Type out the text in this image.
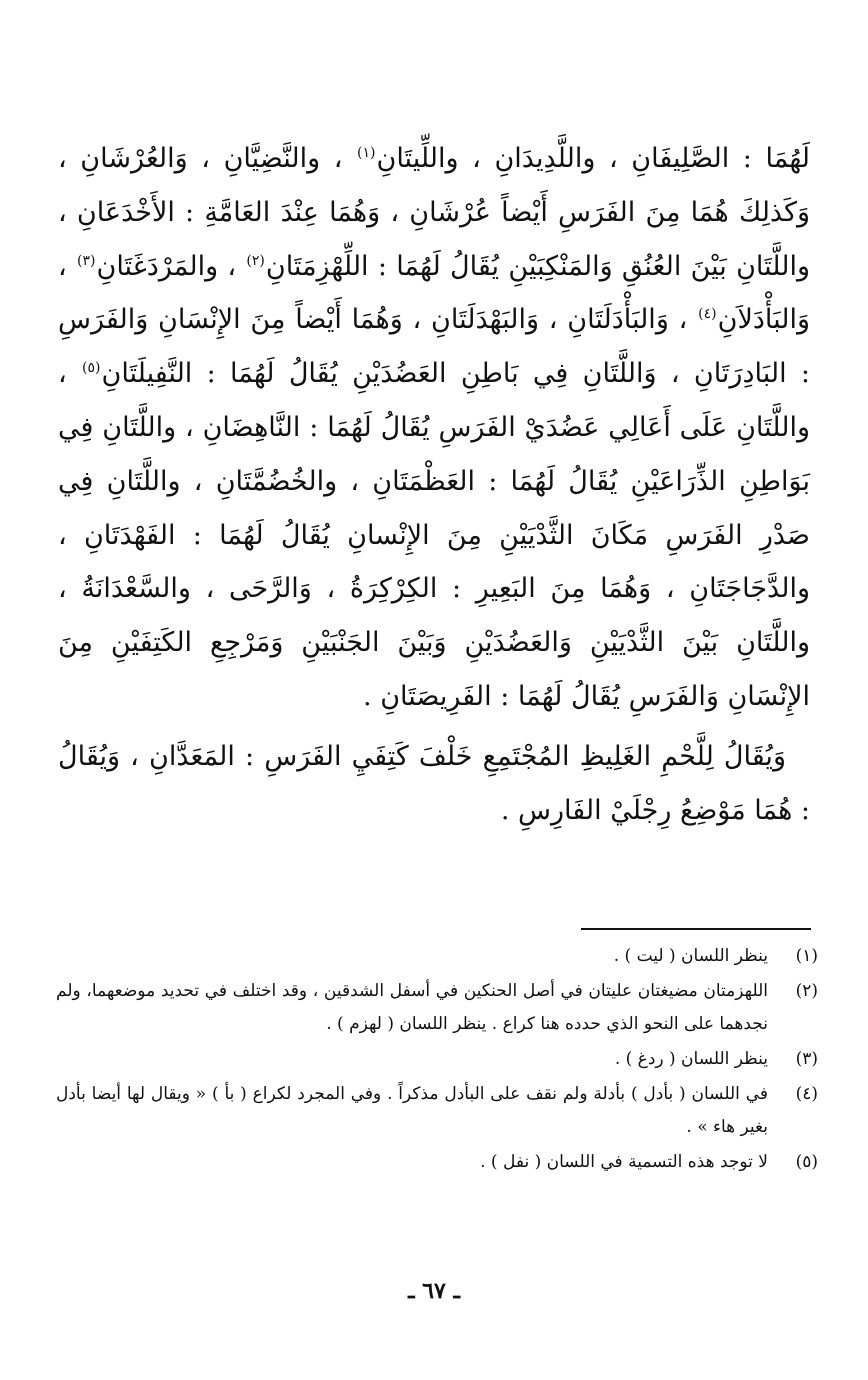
لَهُمَا : الصَّلِيفَانِ ، واللَّدِيدَانِ ، واللِّيتَانِ$^{(١)}$ ، والنَّضِيَّانِ ، وَالعُرْشَانِ ، وَكَذلِكَ هُمَا مِنَ الفَرَسِ أَيْضاً عُرْشَانِ ، وَهُمَا عِنْدَ العَامَّةِ : الأَخْدَعَانِ ، واللَّتَانِ بَيْنَ العُنُقِ وَالمَنْكِبَيْنِ يُقَالُ لَهُمَا : اللِّهْزِمَتَانِ$^{(٢)}$ ، والمَرْدَغَتَانِ$^{(٣)}$ ، وَالبَأْدَلاَنِ$^{(٤)}$ ، وَالبَأْدَلَتَانِ ، وَالبَهْدَلَتَانِ ، وَهُمَا أَيْضاً مِنَ الإِنْسَانِ وَالفَرَسِ : البَادِرَتَانِ ، وَاللَّتَانِ فِي بَاطِنِ العَضُدَيْنِ يُقَالُ لَهُمَا : النَّفِيلَتَانِ$^{(٥)}$ ، واللَّتَانِ عَلَى أَعَالِي عَضُدَيْ الفَرَسِ يُقَالُ لَهُمَا : النَّاهِضَانِ ، واللَّتَانِ فِي بَوَاطِنِ الذِّرَاعَيْنِ يُقَالُ لَهُمَا : العَظْمَتَانِ ، والخُضُمَّتَانِ ، واللَّتَانِ فِي صَدْرِ الفَرَسِ مَكَانَ الثَّدْيَيْنِ مِنَ الإِنْسانِ يُقَالُ لَهُمَا : الفَهْدَتَانِ ، والدَّجَاجَتَانِ ، وَهُمَا مِنَ البَعِيرِ : الكِرْكِرَةُ ، وَالرَّحَى ، والسَّعْدَانَةُ ، واللَّتَانِ بَيْنَ الثَّدْيَيْنِ وَالعَضُدَيْنِ وَبَيْنَ الجَنْبَيْنِ وَمَرْجِعِ الكَتِفَيْنِ مِنَ الإِنْسَانِ وَالفَرَسِ يُقَالُ لَهُمَا : الفَرِيصَتَانِ .

وَيُقَالُ لِلَّحْمِ الغَلِيظِ المُجْتَمِعِ خَلْفَ كَتِفَيِ الفَرَسِ : المَعَدَّانِ ، وَيُقَالُ : هُمَا مَوْضِعُ رِجْلَيْ الفَارِسِ .

(١)
ينظر اللسان ( ليت ) .
(٢)
اللهزمتان مضيغتان عليتان في أصل الحنكين في أسفل الشدقين ، وقد اختلف في تحديد موضعهما، ولم نجدهما على النحو الذي حدده هنا كراع . ينظر اللسان ( لهزم ) .
(٣)
ينظر اللسان ( ردغ ) .
(٤)
في اللسان ( بأدل ) بأدلة ولم نقف على البأدل مذكراً . وفي المجرد لكراع ( بأ ) « ويقال لها أيضا بأدل بغير هاء » .
(٥)
لا توجد هذه التسمية في اللسان ( نفل ) .
ـ ٦٧ ـ
